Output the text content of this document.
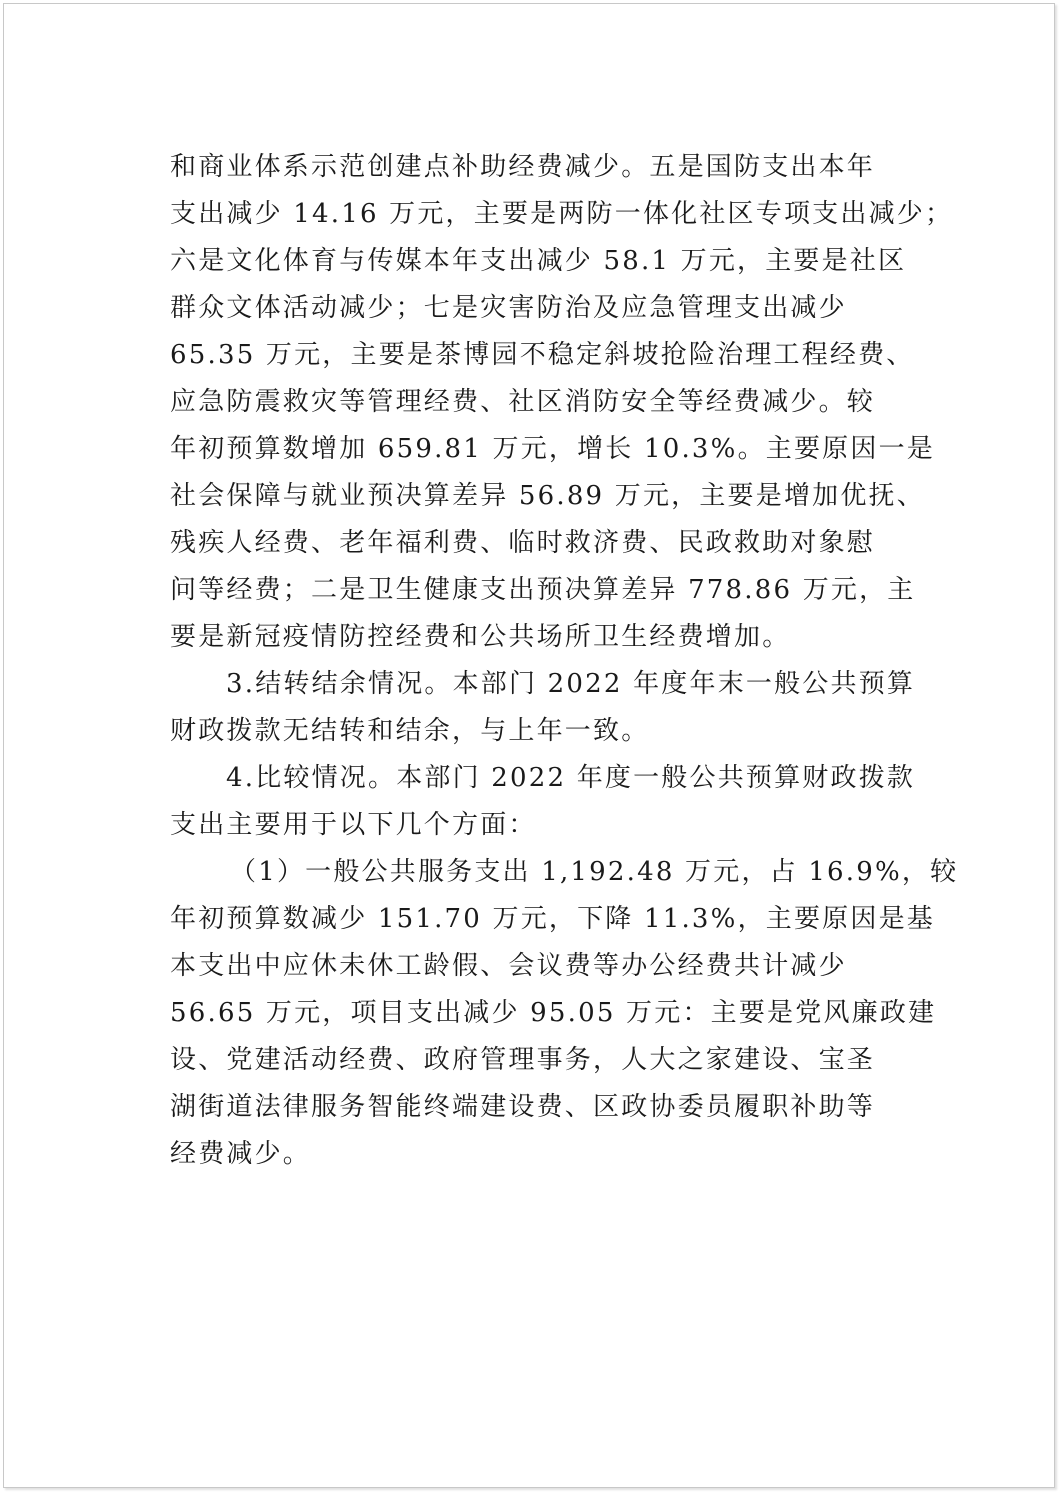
和商业体系示范创建点补助经费减少。五是国防支出本年
支出减少 14.16 万元，主要是两防一体化社区专项支出减少；
六是文化体育与传媒本年支出减少 58.1 万元，主要是社区
群众文体活动减少；七是灾害防治及应急管理支出减少
65.35 万元，主要是茶博园不稳定斜坡抢险治理工程经费、
应急防震救灾等管理经费、社区消防安全等经费减少。较
年初预算数增加 659.81 万元，增长 10.3%。主要原因一是
社会保障与就业预决算差异 56.89 万元，主要是增加优抚、
残疾人经费、老年福利费、临时救济费、民政救助对象慰
问等经费；二是卫生健康支出预决算差异 778.86 万元，主
要是新冠疫情防控经费和公共场所卫生经费增加。
3.结转结余情况。本部门 2022 年度年末一般公共预算
财政拨款无结转和结余，与上年一致。
4.比较情况。本部门 2022 年度一般公共预算财政拨款
支出主要用于以下几个方面：
（1）一般公共服务支出 1,192.48 万元，占 16.9%，较
年初预算数减少 151.70 万元，下降 11.3%，主要原因是基
本支出中应休未休工龄假、会议费等办公经费共计减少
56.65 万元，项目支出减少 95.05 万元：主要是党风廉政建
设、党建活动经费、政府管理事务，人大之家建设、宝圣
湖街道法律服务智能终端建设费、区政协委员履职补助等
经费减少。
